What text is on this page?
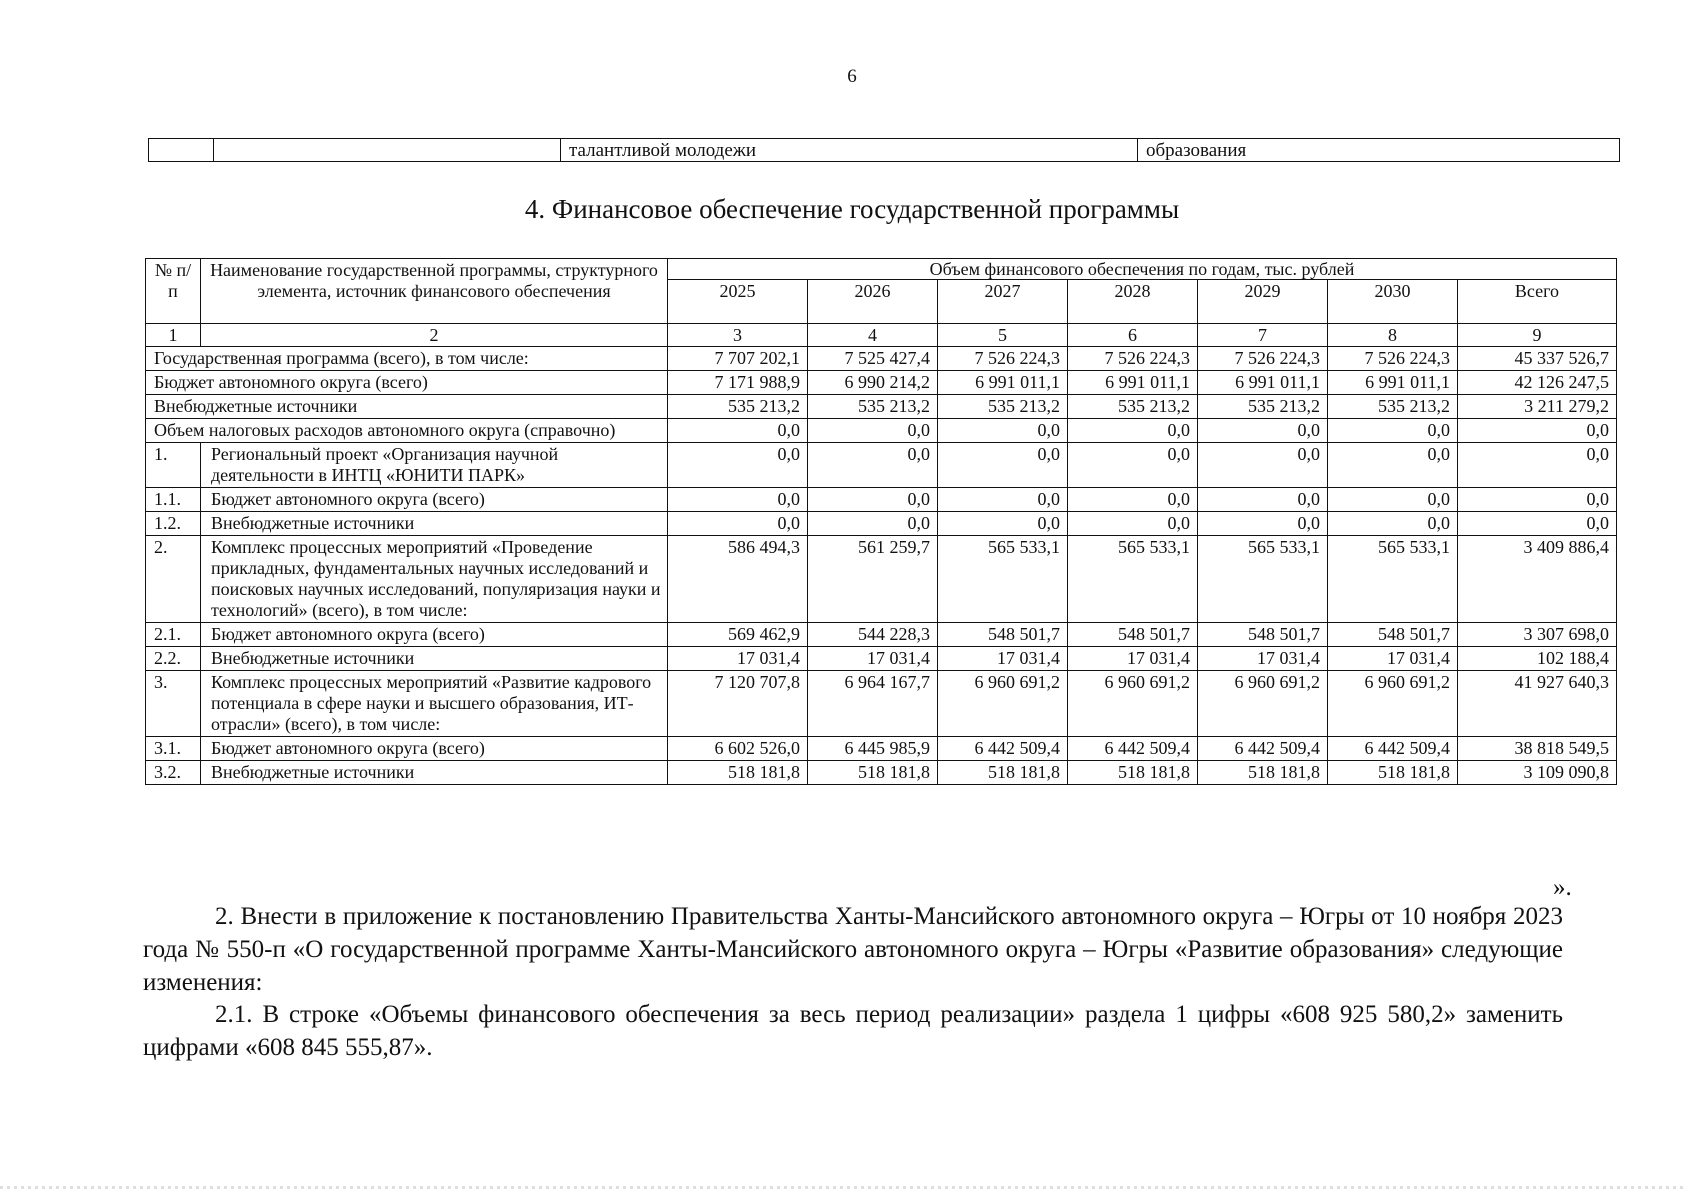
6
		талантливой молодежи	образования
4. Финансовое обеспечение государственной программы
№ п/п	Наименование государственной программы, структурного элемента, источник финансового обеспечения	Объем финансового обеспечения по годам, тыс. рублей						
		2025	2026	2027	2028	2029	2030	Всего
1	2	3	4	5	6	7	8	9
Государственная программа (всего), в том числе:		7 707 202,1	7 525 427,4	7 526 224,3	7 526 224,3	7 526 224,3	7 526 224,3	45 337 526,7
Бюджет автономного округа (всего)		7 171 988,9	6 990 214,2	6 991 011,1	6 991 011,1	6 991 011,1	6 991 011,1	42 126 247,5
Внебюджетные источники		535 213,2	535 213,2	535 213,2	535 213,2	535 213,2	535 213,2	3 211 279,2
Объем налоговых расходов автономного округа (справочно)		0,0	0,0	0,0	0,0	0,0	0,0	0,0
1.	Региональный проект «Организация научной деятельности в ИНТЦ «ЮНИТИ ПАРК»	0,0	0,0	0,0	0,0	0,0	0,0	0,0
1.1.	Бюджет автономного округа (всего)	0,0	0,0	0,0	0,0	0,0	0,0	0,0
1.2.	Внебюджетные источники	0,0	0,0	0,0	0,0	0,0	0,0	0,0
2.	Комплекс процессных мероприятий «Проведение прикладных, фундаментальных научных исследований и поисковых научных исследований, популяризация науки и технологий» (всего), в том числе:	586 494,3	561 259,7	565 533,1	565 533,1	565 533,1	565 533,1	3 409 886,4
2.1.	Бюджет автономного округа (всего)	569 462,9	544 228,3	548 501,7	548 501,7	548 501,7	548 501,7	3 307 698,0
2.2.	Внебюджетные источники	17 031,4	17 031,4	17 031,4	17 031,4	17 031,4	17 031,4	102 188,4
3.	Комплекс процессных мероприятий «Развитие кадрового потенциала в сфере науки и высшего образования, ИТ-отрасли» (всего), в том числе:	7 120 707,8	6 964 167,7	6 960 691,2	6 960 691,2	6 960 691,2	6 960 691,2	41 927 640,3
3.1.	Бюджет автономного округа (всего)	6 602 526,0	6 445 985,9	6 442 509,4	6 442 509,4	6 442 509,4	6 442 509,4	38 818 549,5
3.2.	Внебюджетные источники	518 181,8	518 181,8	518 181,8	518 181,8	518 181,8	518 181,8	3 109 090,8
».

2. Внести в приложение к постановлению Правительства Ханты-Мансийского автономного округа – Югры от 10 ноября 2023 года № 550-п «О государственной программе Ханты-Мансийского автономного округа – Югры «Развитие образования» следующие изменения:

2.1. В строке «Объемы финансового обеспечения за весь период реализации» раздела 1 цифры «608 925 580,2» заменить цифрами «608 845 555,87».
